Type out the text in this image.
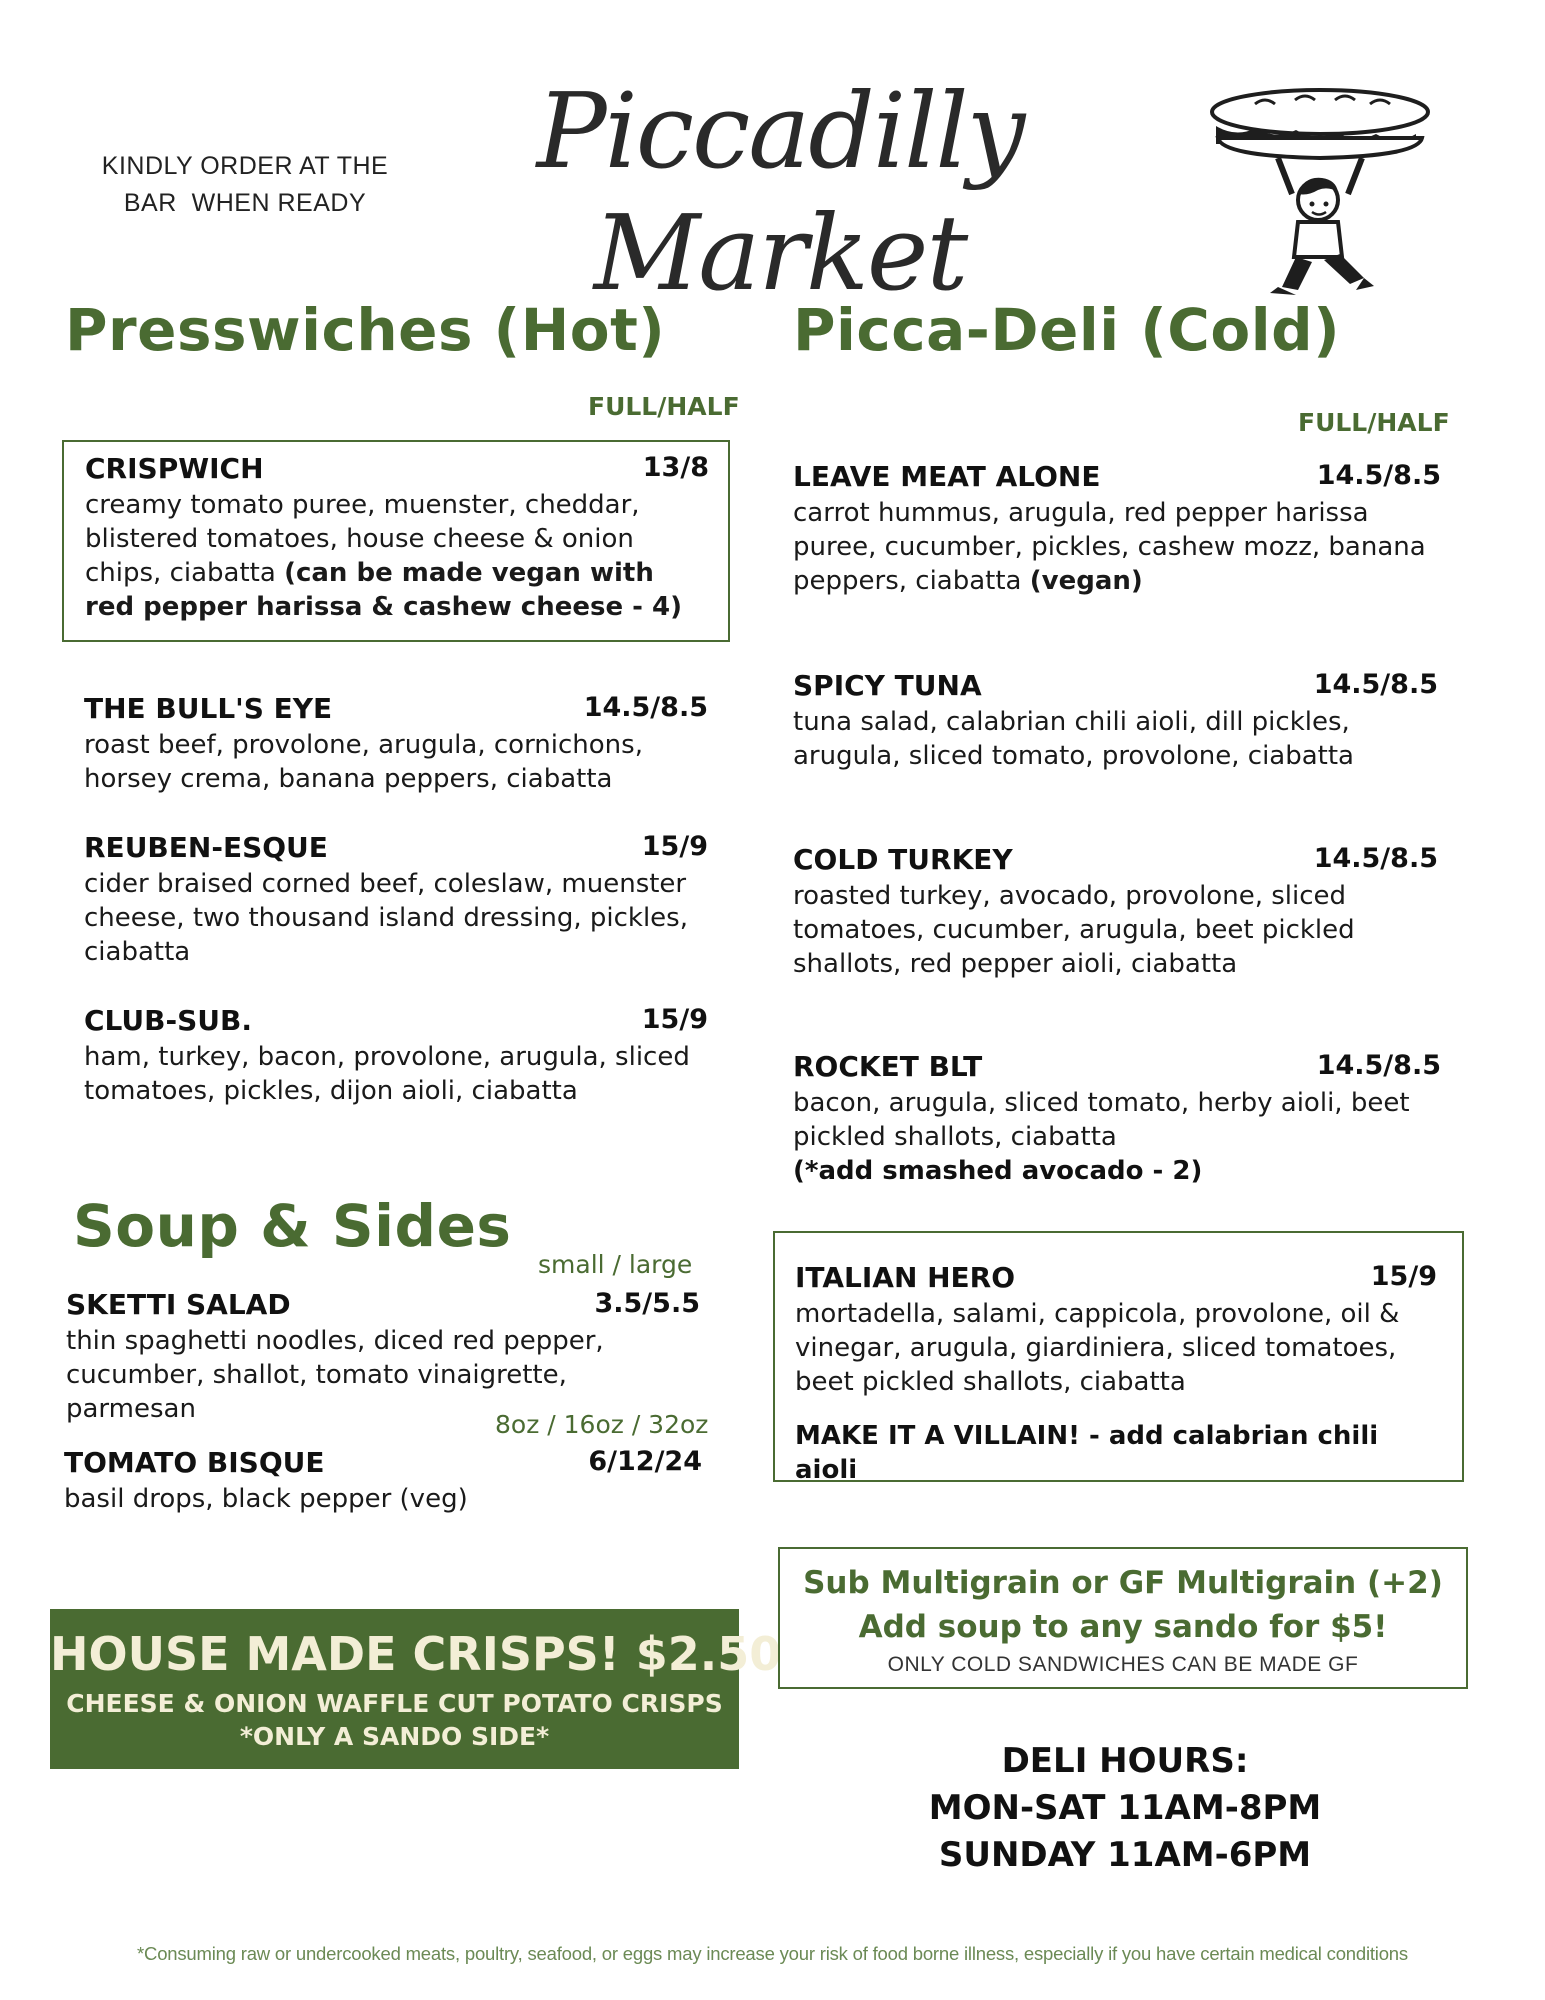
KINDLY ORDER AT THE
BAR  WHEN READY
Piccadilly Market
Presswiches (Hot)
FULL/HALF
CRISPWICH	13/8
creamy tomato puree, muenster, cheddar, blistered tomatoes, house cheese & onion chips, ciabatta (can be made vegan with red pepper harissa & cashew cheese - 4)
THE BULL'S EYE	14.5/8.5
roast beef, provolone, arugula, cornichons, horsey crema, banana peppers, ciabatta
REUBEN-ESQUE	15/9
cider braised corned beef, coleslaw, muenster cheese, two thousand island dressing, pickles, ciabatta
CLUB-SUB.	15/9
ham, turkey, bacon, provolone, arugula, sliced tomatoes, pickles, dijon aioli, ciabatta
Soup & Sides
small / large
SKETTI SALAD	3.5/5.5
thin spaghetti noodles, diced red pepper, cucumber, shallot, tomato vinaigrette, parmesan
8oz / 16oz / 32oz
TOMATO BISQUE	6/12/24
basil drops, black pepper (veg)
HOUSE MADE CRISPS! $2.50
CHEESE & ONION WAFFLE CUT POTATO CRISPS
*ONLY A SANDO SIDE*
Picca-Deli (Cold)
FULL/HALF
LEAVE MEAT ALONE	14.5/8.5
carrot hummus, arugula, red pepper harissa puree, cucumber, pickles, cashew mozz, banana peppers, ciabatta (vegan)
SPICY TUNA	14.5/8.5
tuna salad, calabrian chili aioli, dill pickles, arugula, sliced tomato, provolone, ciabatta
COLD TURKEY	14.5/8.5
roasted turkey, avocado, provolone, sliced tomatoes, cucumber, arugula, beet pickled shallots, red pepper aioli, ciabatta
ROCKET BLT	14.5/8.5
bacon, arugula, sliced tomato, herby aioli, beet pickled shallots, ciabatta
(*add smashed avocado - 2)
ITALIAN HERO	15/9
mortadella, salami, cappicola, provolone, oil & vinegar, arugula, giardiniera, sliced tomatoes, beet pickled shallots, ciabatta
MAKE IT A VILLAIN! - add calabrian chili aioli
Sub Multigrain or GF Multigrain (+2)
Add soup to any sando for $5!
ONLY COLD SANDWICHES CAN BE MADE GF
DELI HOURS:
MON-SAT 11AM-8PM
SUNDAY 11AM-6PM
*Consuming raw or undercooked meats, poultry, seafood, or eggs may increase your risk of food borne illness, especially if you have certain medical conditions
